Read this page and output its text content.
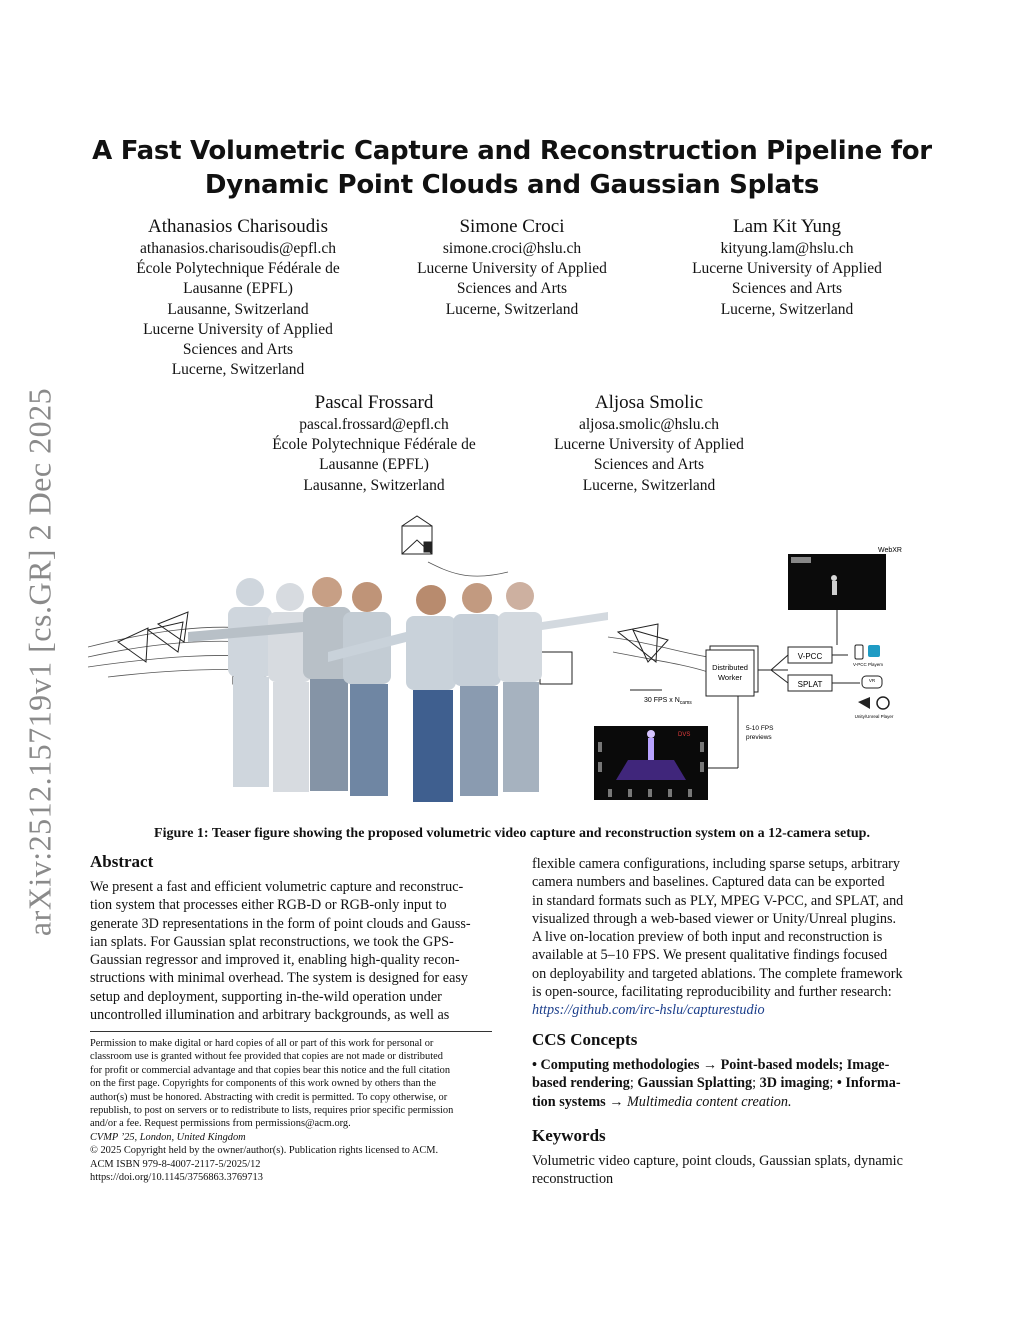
arXiv:2512.15719v1 [cs.GR] 2 Dec 2025
A Fast Volumetric Capture and Reconstruction Pipeline for
Dynamic Point Clouds and Gaussian Splats
Athanasios Charisoudis
athanasios.charisoudis@epfl.ch
École Polytechnique Fédérale de
Lausanne (EPFL)
Lausanne, Switzerland
Lucerne University of Applied
Sciences and Arts
Lucerne, Switzerland
Simone Croci
simone.croci@hslu.ch
Lucerne University of Applied
Sciences and Arts
Lucerne, Switzerland
Lam Kit Yung
kityung.lam@hslu.ch
Lucerne University of Applied
Sciences and Arts
Lucerne, Switzerland
Pascal Frossard
pascal.frossard@epfl.ch
École Polytechnique Fédérale de
Lausanne (EPFL)
Lausanne, Switzerland
Aljosa Smolic
aljosa.smolic@hslu.ch
Lucerne University of Applied
Sciences and Arts
Lucerne, Switzerland
WebXR
Distributed
Worker
V-PCC
SPLAT
V-PCC Playem
VR
Unity/Unreal Player
30 FPS x $N_{cams}$
5-10 FPS
previews
DVS
Figure 1: Teaser figure showing the proposed volumetric video capture and reconstruction system on a 12-camera setup.
Abstract
We present a fast and efficient volumetric capture and reconstruc-
tion system that processes either RGB-D or RGB-only input to
generate 3D representations in the form of point clouds and Gauss-
ian splats. For Gaussian splat reconstructions, we took the GPS-
Gaussian regressor and improved it, enabling high-quality recon-
structions with minimal overhead. The system is designed for easy
setup and deployment, supporting in-the-wild operation under
uncontrolled illumination and arbitrary backgrounds, as well as
Permission to make digital or hard copies of all or part of this work for personal or
classroom use is granted without fee provided that copies are not made or distributed
for profit or commercial advantage and that copies bear this notice and the full citation
on the first page. Copyrights for components of this work owned by others than the
author(s) must be honored. Abstracting with credit is permitted. To copy otherwise, or
republish, to post on servers or to redistribute to lists, requires prior specific permission
and/or a fee. Request permissions from permissions@acm.org.
CVMP ’25, London, United Kingdom
© 2025 Copyright held by the owner/author(s). Publication rights licensed to ACM.
ACM ISBN 979-8-4007-2117-5/2025/12
https://doi.org/10.1145/3756863.3769713
flexible camera configurations, including sparse setups, arbitrary
camera numbers and baselines. Captured data can be exported
in standard formats such as PLY, MPEG V-PCC, and SPLAT, and
visualized through a web-based viewer or Unity/Unreal plugins.
A live on-location preview of both input and reconstruction is
available at 5–10 FPS. We present qualitative findings focused
on deployability and targeted ablations. The complete framework
is open-source, facilitating reproducibility and further research:
https://github.com/irc-hslu/capturestudio
CCS Concepts
• Computing methodologies → Point-based models; Image-
based rendering; Gaussian Splatting; 3D imaging; • Informa-
tion systems → Multimedia content creation.
Keywords
Volumetric video capture, point clouds, Gaussian splats, dynamic
reconstruction
